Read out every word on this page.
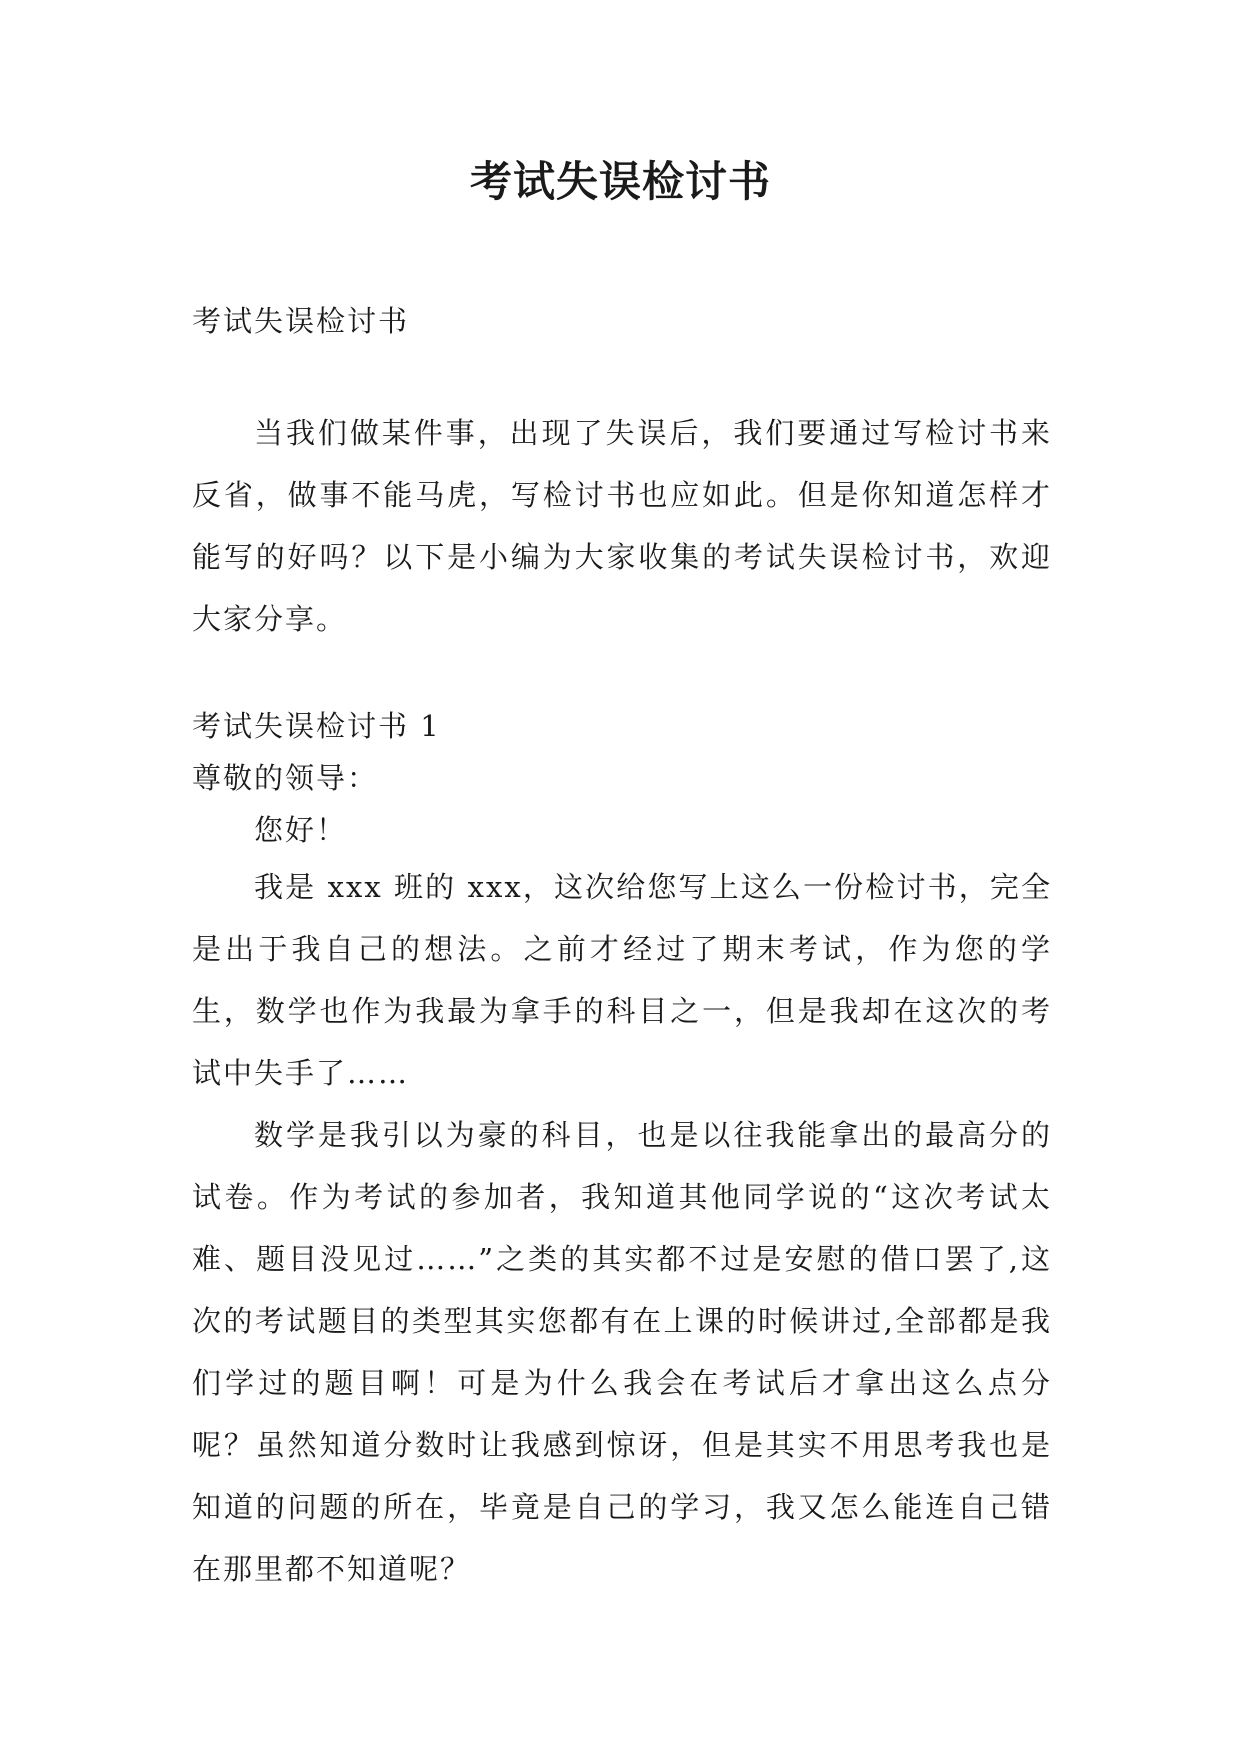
考试失误检讨书

考试失误检讨书

当我们做某件事，出现了失误后，我们要通过写检讨书来反省，做事不能马虎，写检讨书也应如此。但是你知道怎样才能写的好吗？以下是小编为大家收集的考试失误检讨书，欢迎大家分享。

考试失误检讨书 1

尊敬的领导：

您好！

我是 xxx 班的 xxx，这次给您写上这么一份检讨书，完全是出于我自己的想法。之前才经过了期末考试，作为您的学生，数学也作为我最为拿手的科目之一，但是我却在这次的考试中失手了……

数学是我引以为豪的科目，也是以往我能拿出的最高分的试卷。作为考试的参加者，我知道其他同学说的“这次考试太难、题目没见过……”之类的其实都不过是安慰的借口罢了,这次的考试题目的类型其实您都有在上课的时候讲过,全部都是我们学过的题目啊！可是为什么我会在考试后才拿出这么点分呢？虽然知道分数时让我感到惊讶，但是其实不用思考我也是知道的问题的所在，毕竟是自己的学习，我又怎么能连自己错在那里都不知道呢？
